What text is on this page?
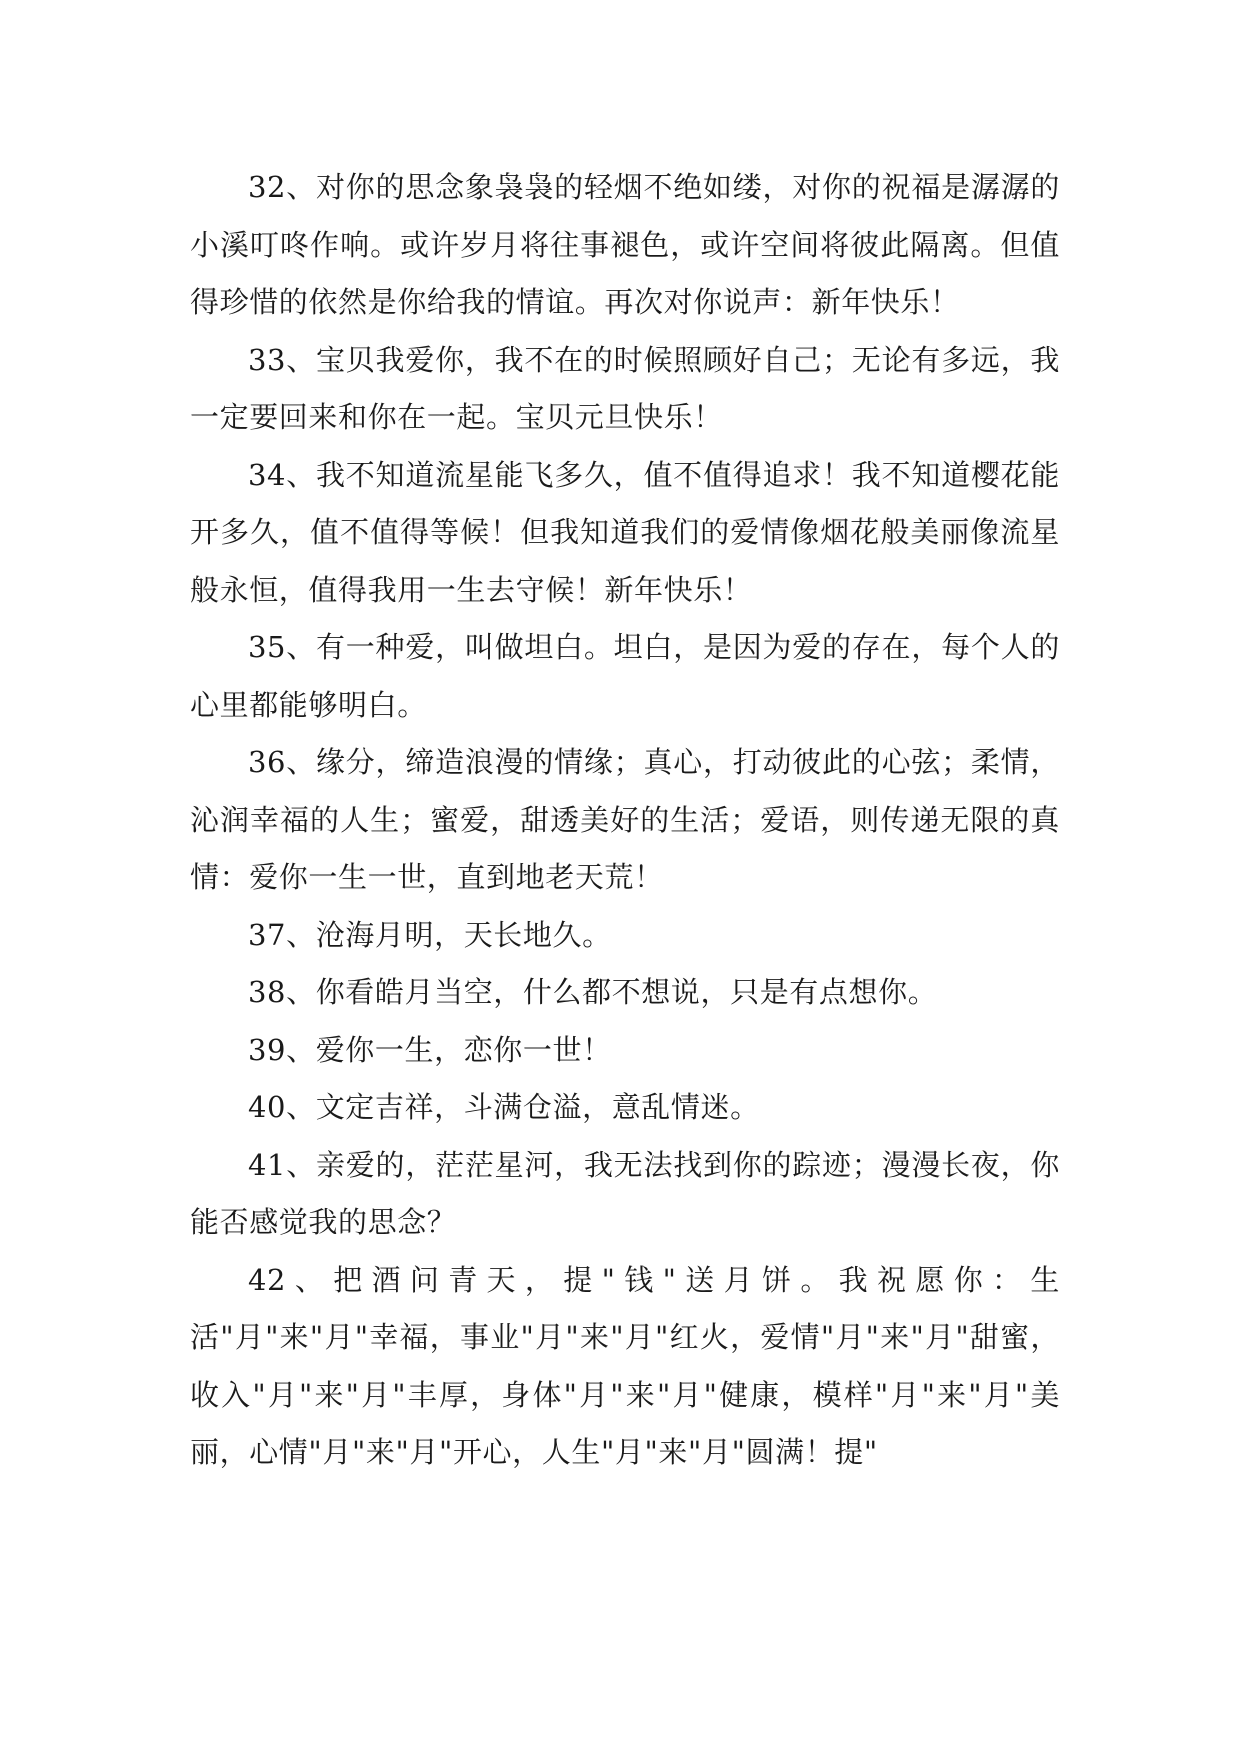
32、对你的思念象袅袅的轻烟不绝如缕，对你的祝福是潺潺的小溪叮咚作响。或许岁月将往事褪色，或许空间将彼此隔离。但值得珍惜的依然是你给我的情谊。再次对你说声：新年快乐！

33、宝贝我爱你，我不在的时候照顾好自己；无论有多远，我一定要回来和你在一起。宝贝元旦快乐！

34、我不知道流星能飞多久，值不值得追求！我不知道樱花能开多久，值不值得等候！但我知道我们的爱情像烟花般美丽像流星般永恒，值得我用一生去守候！新年快乐！

35、有一种爱，叫做坦白。坦白，是因为爱的存在，每个人的心里都能够明白。

36、缘分，缔造浪漫的情缘；真心，打动彼此的心弦；柔情，沁润幸福的人生；蜜爱，甜透美好的生活；爱语，则传递无限的真情：爱你一生一世，直到地老天荒！

37、沧海月明，天长地久。

38、你看皓月当空，什么都不想说，只是有点想你。

39、爱你一生，恋你一世！

40、文定吉祥，斗满仓溢，意乱情迷。

41、亲爱的，茫茫星河，我无法找到你的踪迹；漫漫长夜，你能否感觉我的思念？

42、把酒问青天，提"钱"送月饼。我祝愿你：生活"月"来"月"幸福，事业"月"来"月"红火，爱情"月"来"月"甜蜜，收入"月"来"月"丰厚，身体"月"来"月"健康，模样"月"来"月"美丽，心情"月"来"月"开心，人生"月"来"月"圆满！提"
